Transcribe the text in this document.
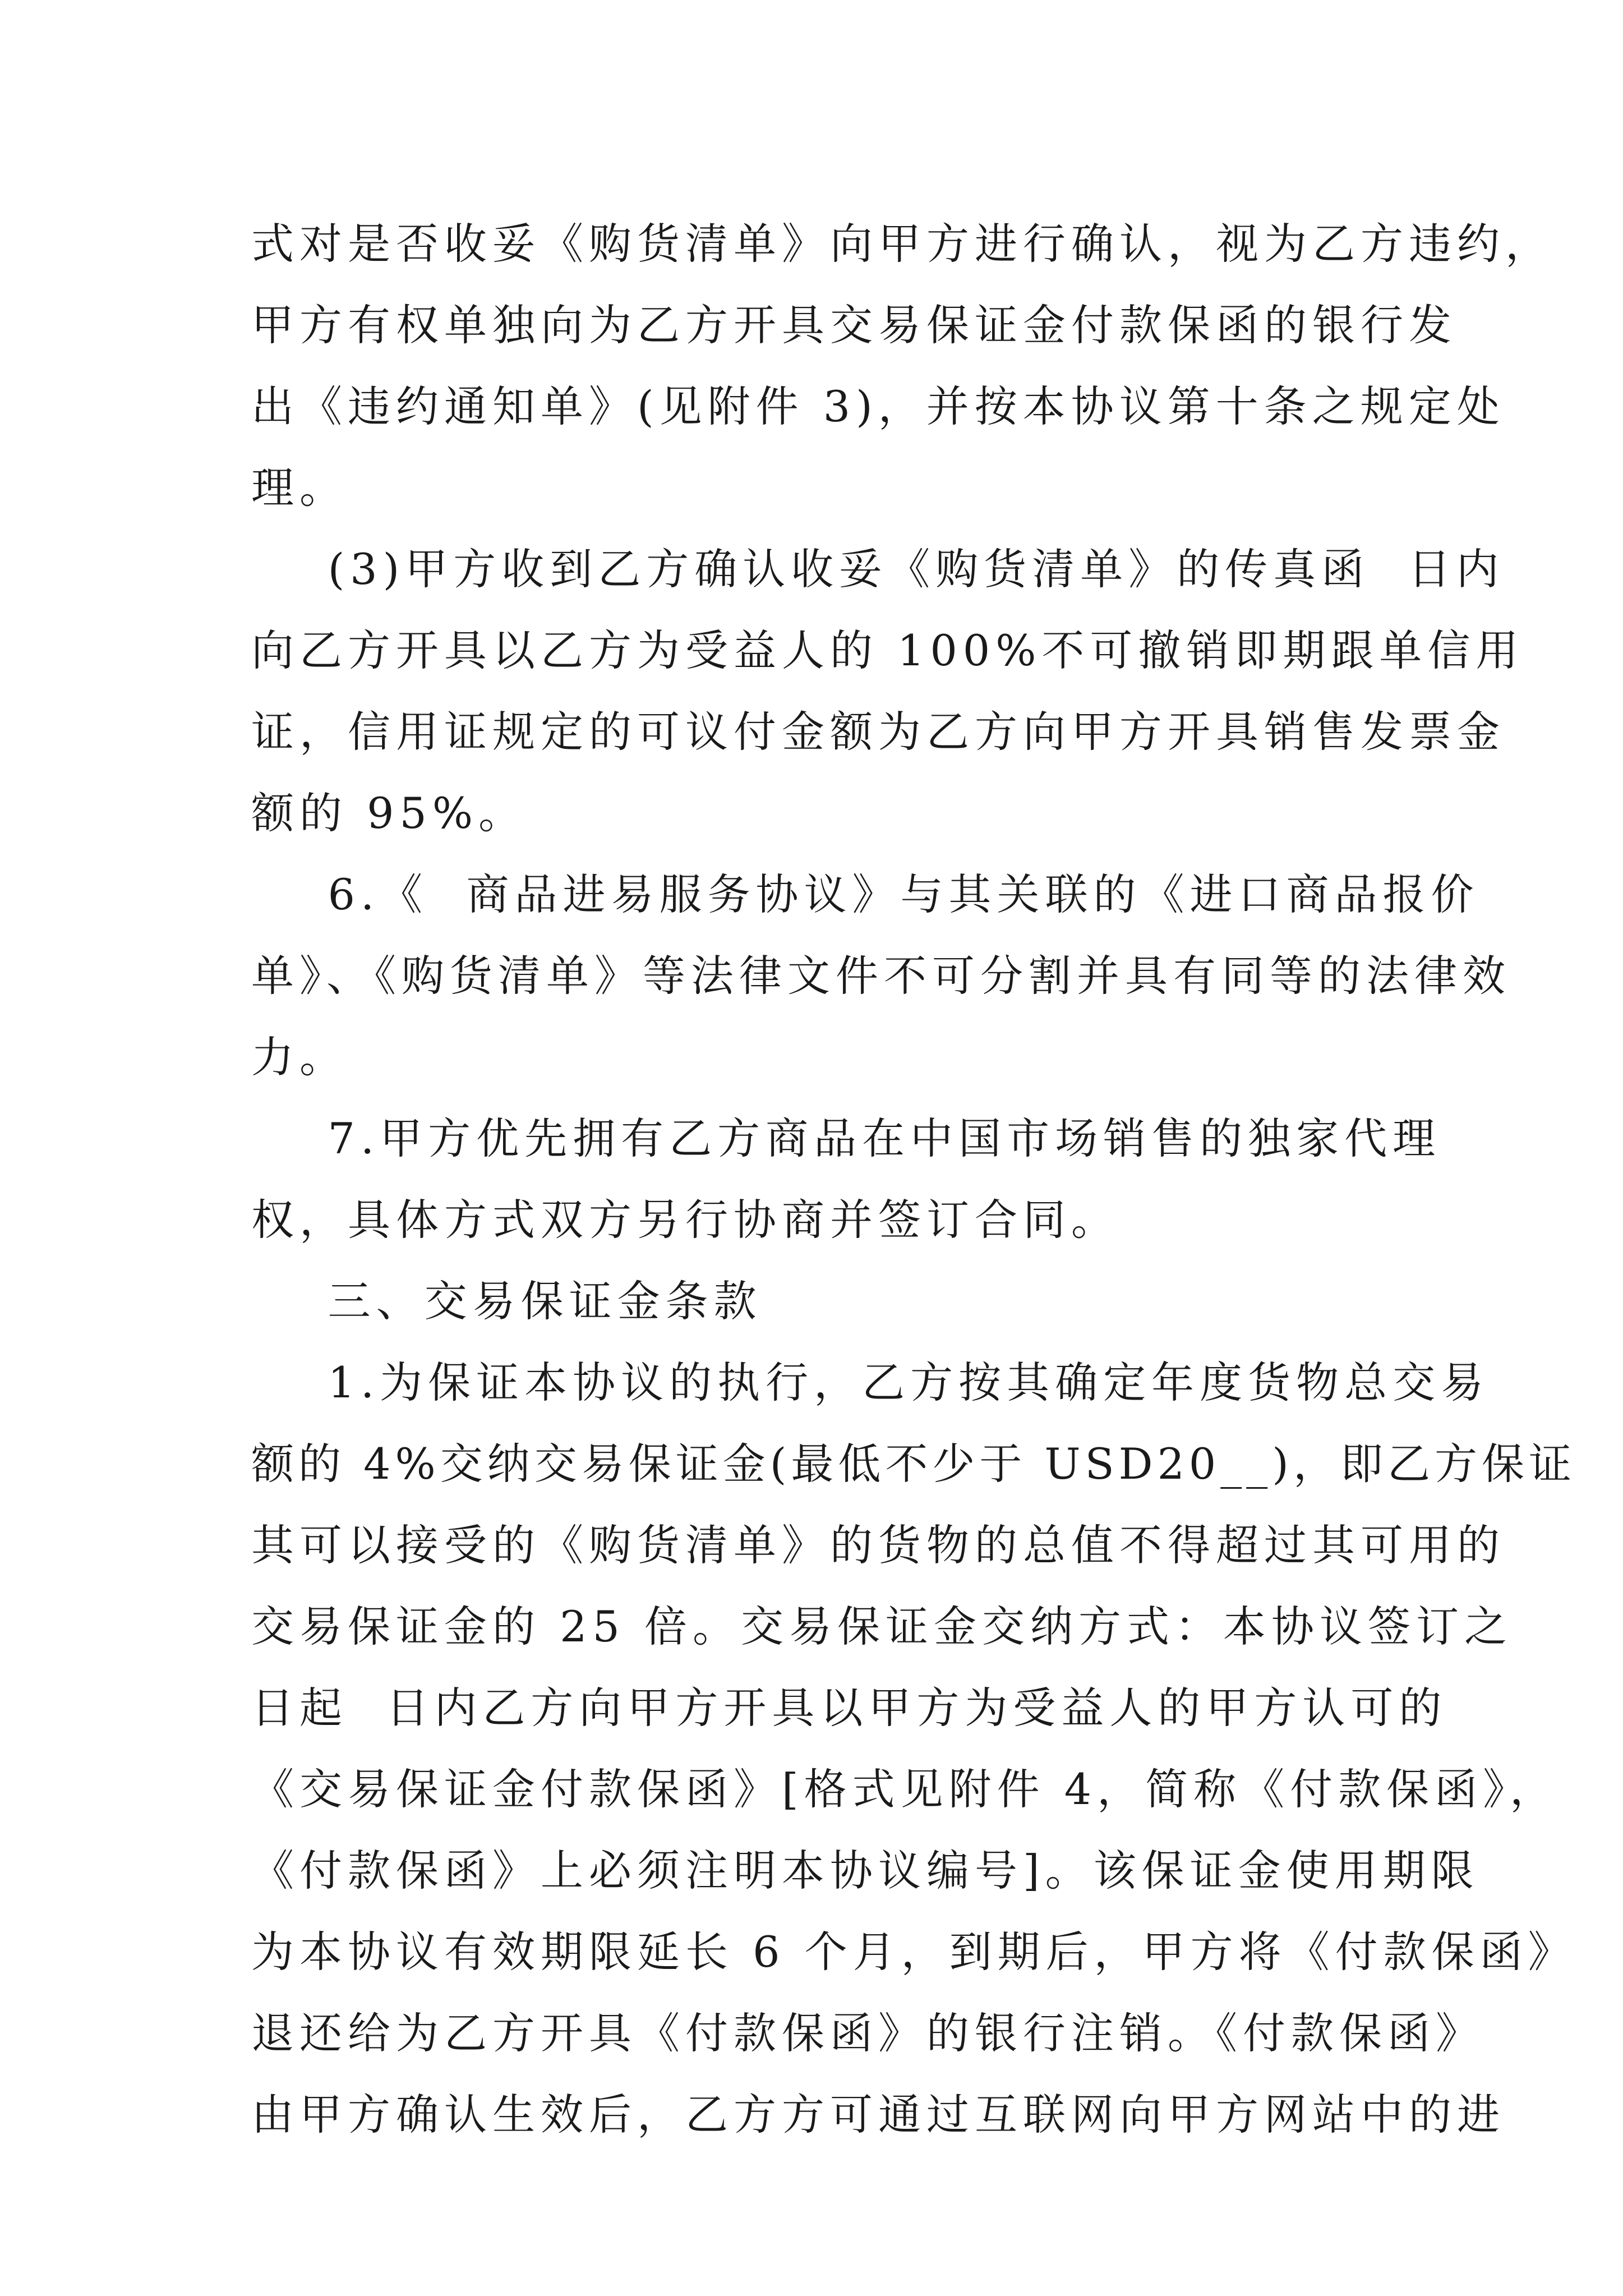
式对是否收妥《购货清单》向甲方进行确认，视为乙方违约，
甲方有权单独向为乙方开具交易保证金付款保函的银行发
出《违约通知单》(见附件 3)，并按本协议第十条之规定处
理。
(3)甲方收到乙方确认收妥《购货清单》的传真函  日内
向乙方开具以乙方为受益人的 100%不可撤销即期跟单信用
证，信用证规定的可议付金额为乙方向甲方开具销售发票金
额的 95%。
6.《  商品进易服务协议》与其关联的《进口商品报价
单》、《购货清单》等法律文件不可分割并具有同等的法律效
力。
7.甲方优先拥有乙方商品在中国市场销售的独家代理
权，具体方式双方另行协商并签订合同。
三、交易保证金条款
1.为保证本协议的执行，乙方按其确定年度货物总交易
额的 4%交纳交易保证金(最低不少于 USD20__)，即乙方保证
其可以接受的《购货清单》的货物的总值不得超过其可用的
交易保证金的 25 倍。交易保证金交纳方式：本协议签订之
日起  日内乙方向甲方开具以甲方为受益人的甲方认可的
《交易保证金付款保函》[格式见附件 4，简称《付款保函》，
《付款保函》上必须注明本协议编号]。该保证金使用期限
为本协议有效期限延长 6 个月，到期后，甲方将《付款保函》
退还给为乙方开具《付款保函》的银行注销。《付款保函》
由甲方确认生效后，乙方方可通过互联网向甲方网站中的进
